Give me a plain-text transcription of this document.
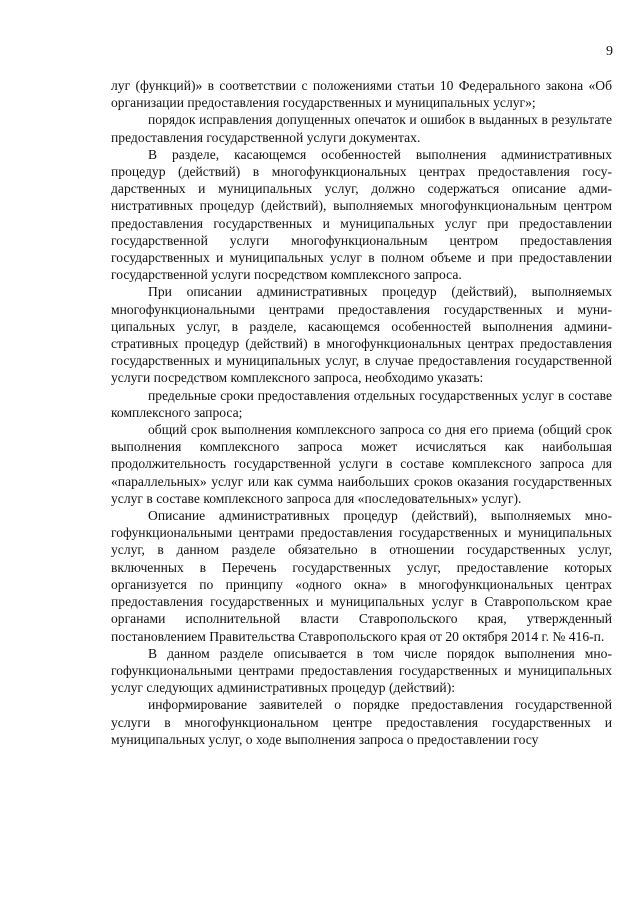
9

луг (функций)» в соответствии с положениями статьи 10 Федерального закона «Об организации предоставления государственных и муниципальных услуг»;

порядок исправления допущенных опечаток и ошибок в выданных в результате предоставления государственной услуги документах.

В разделе, касающемся особенностей выполнения административных процедур (действий) в многофункциональных центрах предоставления государственных и муниципальных услуг, должно содержаться описание административных процедур (действий), выполняемых многофункциональным центром предоставления государственных и муниципальных услуг при предоставлении государственной услуги многофункциональным центром предоставления государственных и муниципальных услуг в полном объеме и при предоставлении государственной услуги посредством комплексного запроса.

При описании административных процедур (действий), выполняемых многофункциональными центрами предоставления государственных и муниципальных услуг, в разделе, касающемся особенностей выполнения административных процедур (действий) в многофункциональных центрах предоставления государственных и муниципальных услуг, в случае предоставления государственной услуги посредством комплексного запроса, необходимо указать:

предельные сроки предоставления отдельных государственных услуг в составе комплексного запроса;

общий срок выполнения комплексного запроса со дня его приема (общий срок выполнения комплексного запроса может исчисляться как наибольшая продолжительность государственной услуги в составе комплексного запроса для «параллельных» услуг или как сумма наибольших сроков оказания государственных услуг в составе комплексного запроса для «последовательных» услуг).

Описание административных процедур (действий), выполняемых многофункциональными центрами предоставления государственных и муниципальных услуг, в данном разделе обязательно в отношении государственных услуг, включенных в Перечень государственных услуг, предоставление которых организуется по принципу «одного окна» в многофункциональных центрах предоставления государственных и муниципальных услуг в Ставропольском крае органами исполнительной власти Ставропольского края, утвержденный постановлением Правительства Ставропольского края от 20 октября 2014 г. № 416-п.

В данном разделе описывается в том числе порядок выполнения многофункциональными центрами предоставления государственных и муниципальных услуг следующих административных процедур (действий):

информирование заявителей о порядке предоставления государственной услуги в многофункциональном центре предоставления государственных и муниципальных услуг, о ходе выполнения запроса о предоставлении госу
